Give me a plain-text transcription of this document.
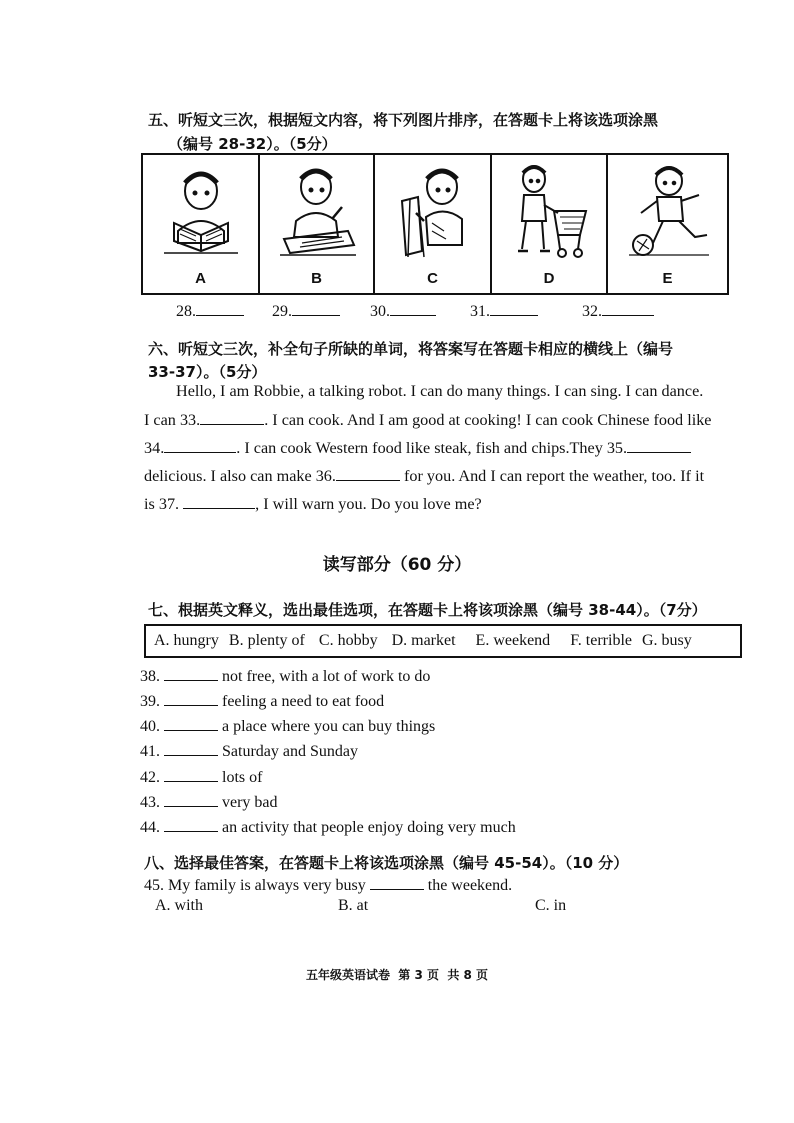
五、听短文三次，根据短文内容，将下列图片排序，在答题卡上将该选项涂黑
（编号 28-32）。（5分）
A	B	C	D	E
28.	29.	30.	31.	32.
六、听短文三次，补全句子所缺的单词，将答案写在答题卡相应的横线上（编号
33-37）。（5分）
Hello, I am Robbie, a talking robot. I can do many things. I can sing. I can dance.
I can 33.	. I can cook. And I am good at cooking! I can cook Chinese food like
34.	. I can cook Western food like steak, fish and chips.They 35.
delicious. I also can make 36.	for you. And I can report the weather, too. If it
is 37.	, I will warn you. Do you love me?
读写部分（60 分）
七、根据英文释义，选出最佳选项，在答题卡上将该项涂黑（编号 38-44）。（7分）
A. hungry B. plenty of C. hobby D. market E. weekend F. terrible G. busy
38.	not free, with a lot of work to do
39.	feeling a need to eat food
40.	a place where you can buy things
41.	Saturday and Sunday
42.	lots of
43.	very bad
44.	an activity that people enjoy doing very much
八、选择最佳答案，在答题卡上将该选项涂黑（编号 45-54）。（10 分）
45. My family is always very busy	the weekend.
A. with	B. at	C. in
五年级英语试卷  第 3 页  共 8 页
